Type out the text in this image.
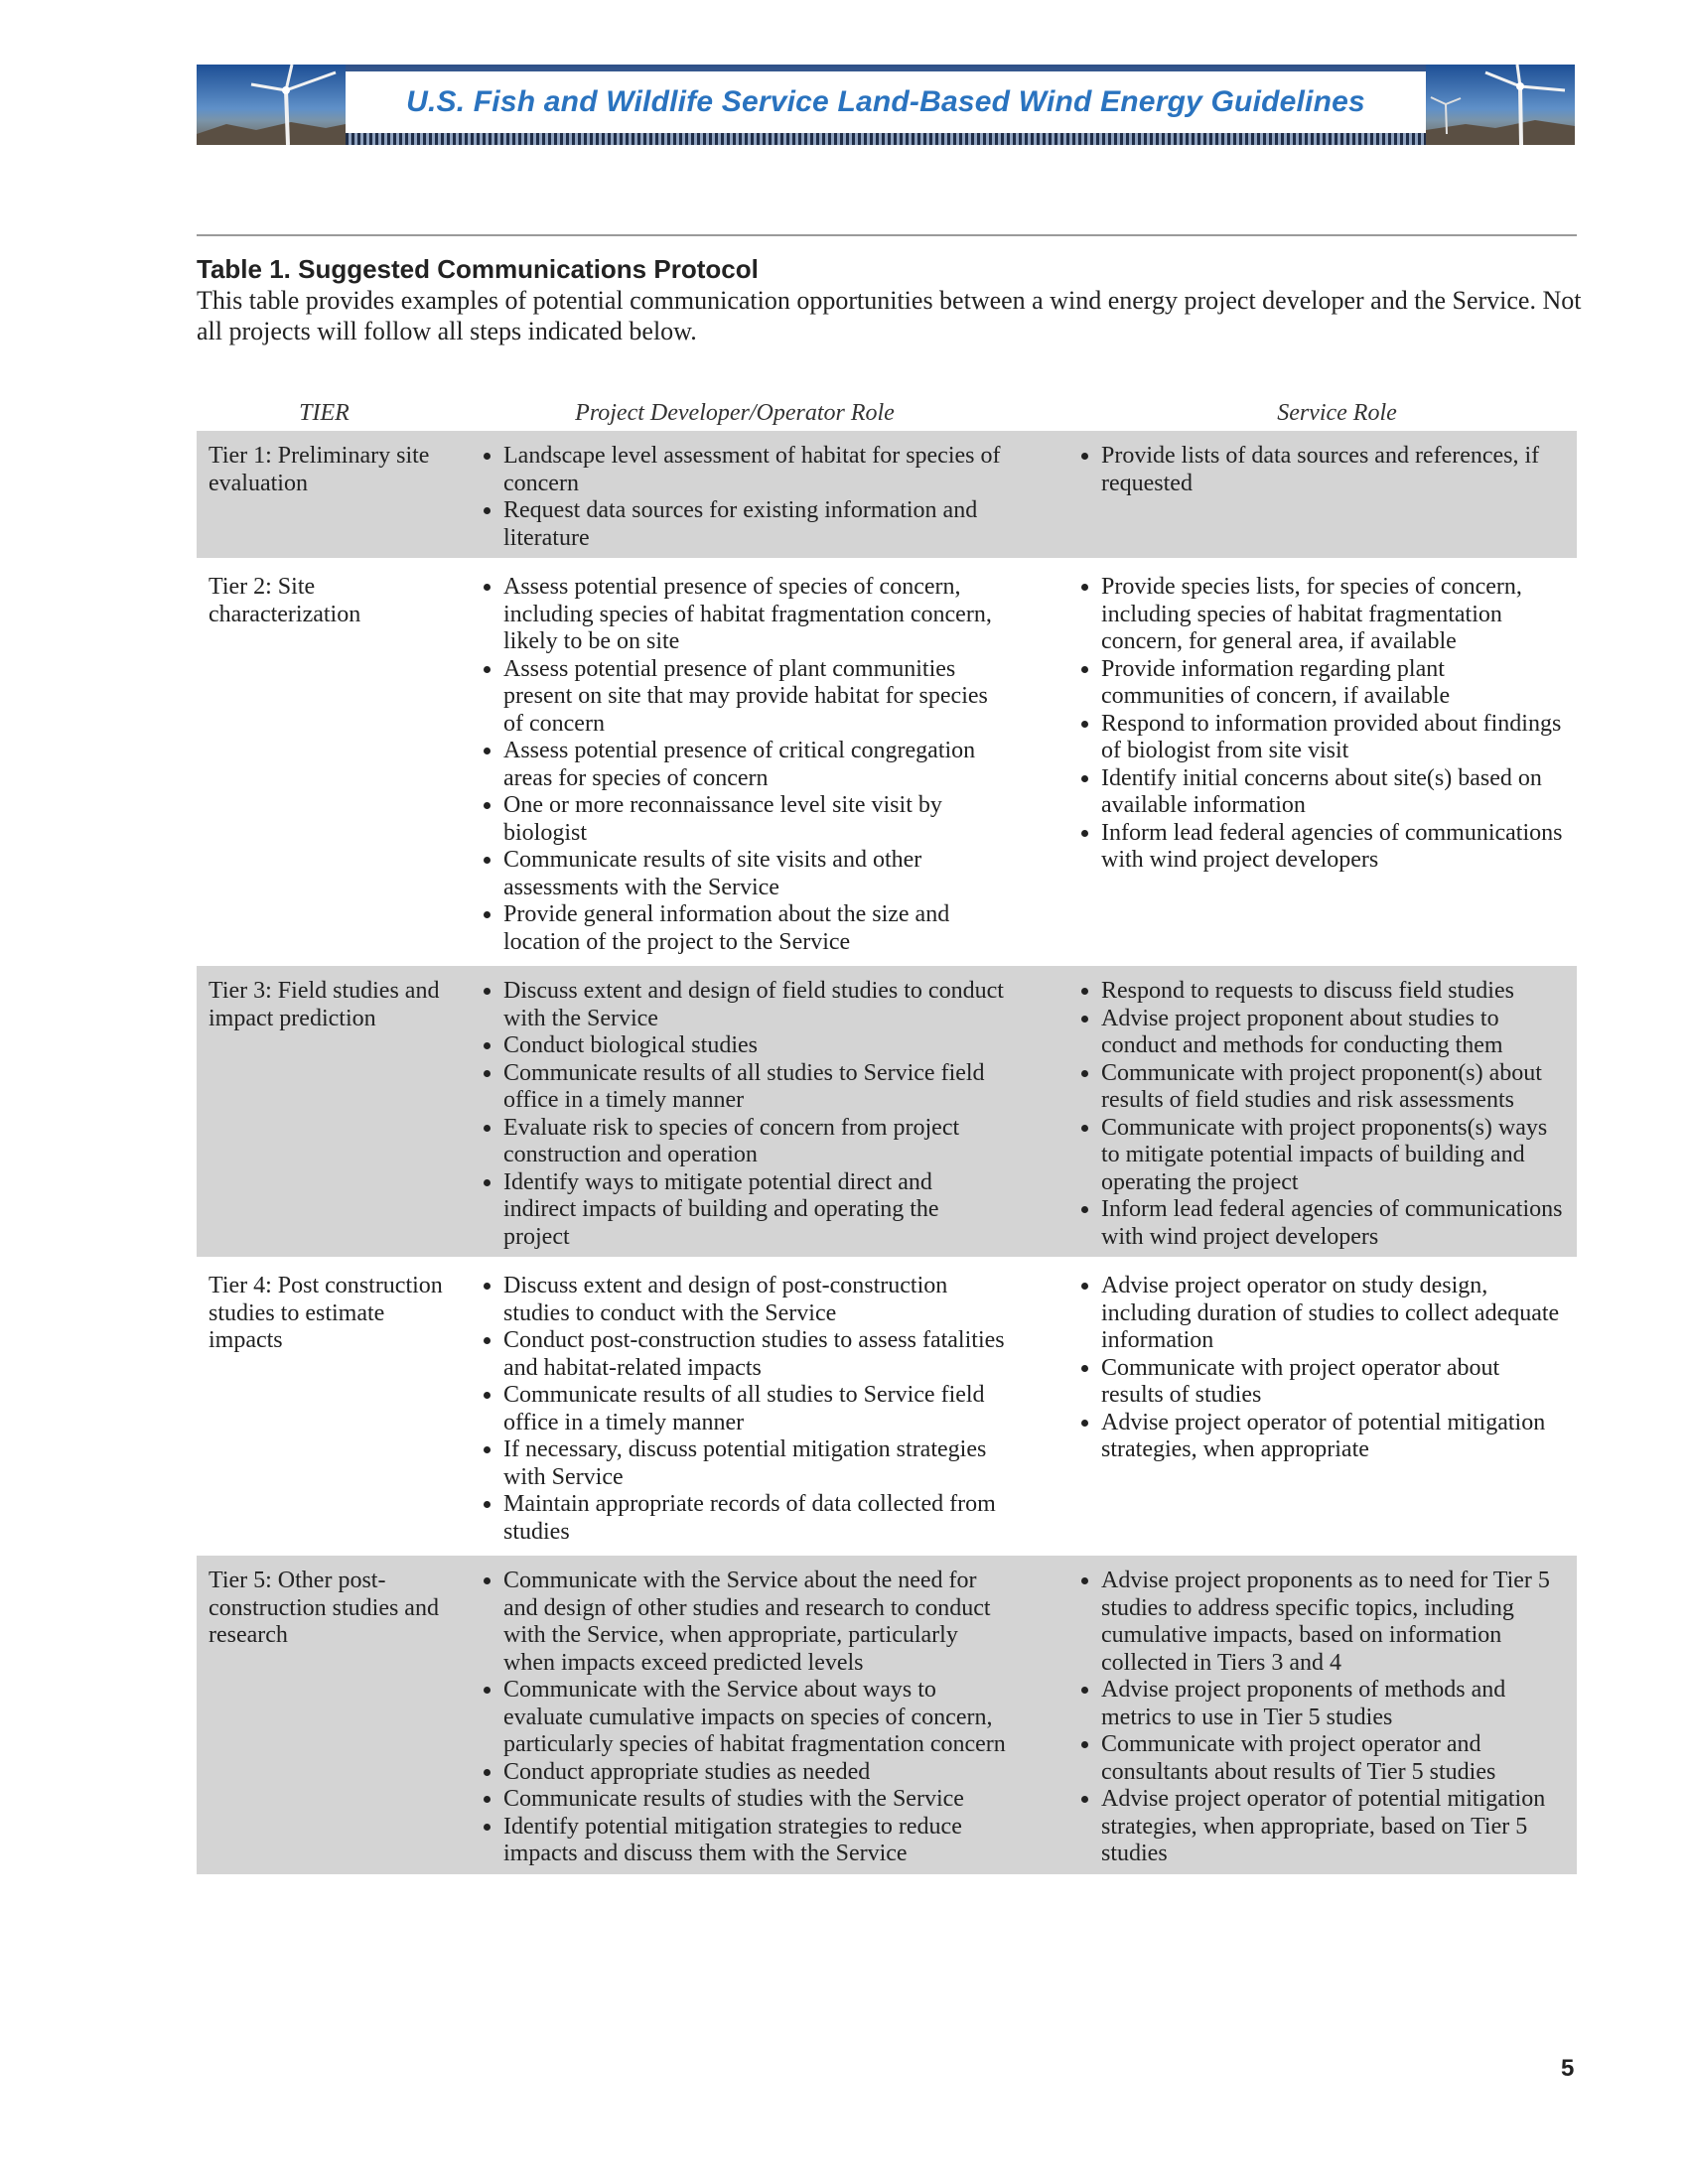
U.S. Fish and Wildlife Service Land-Based Wind Energy Guidelines
Table 1. Suggested Communications Protocol
This table provides examples of potential communication opportunities between a wind energy project developer and the Service. Not all projects will follow all steps indicated below.
TIER	Project Developer/Operator Role	Service Role
Tier 1: Preliminary site evaluation
• Landscape level assessment of habitat for species of concern
• Request data sources for existing information and literature
• Provide lists of data sources and references, if requested
Tier 2: Site characterization
• Assess potential presence of species of concern, including species of habitat fragmentation concern, likely to be on site
• Assess potential presence of plant communities present on site that may provide habitat for species of concern
• Assess potential presence of critical congregation areas for species of concern
• One or more reconnaissance level site visit by biologist
• Communicate results of site visits and other assessments with the Service
• Provide general information about the size and location of the project to the Service
• Provide species lists, for species of concern, including species of habitat fragmentation concern, for general area, if available
• Provide information regarding plant communities of concern, if available
• Respond to information provided about findings of biologist from site visit
• Identify initial concerns about site(s) based on available information
• Inform lead federal agencies of communications with wind project developers
Tier 3: Field studies and impact prediction
• Discuss extent and design of field studies to conduct with the Service
• Conduct biological studies
• Communicate results of all studies to Service field office in a timely manner
• Evaluate risk to species of concern from project construction and operation
• Identify ways to mitigate potential direct and indirect impacts of building and operating the project
• Respond to requests to discuss field studies
• Advise project proponent about studies to conduct and methods for conducting them
• Communicate with project proponent(s) about results of field studies and risk assessments
• Communicate with project proponents(s) ways to mitigate potential impacts of building and operating the project
• Inform lead federal agencies of communications with wind project developers
Tier 4: Post construction studies to estimate impacts
• Discuss extent and design of post-construction studies to conduct with the Service
• Conduct post-construction studies to assess fatalities and habitat-related impacts
• Communicate results of all studies to Service field office in a timely manner
• If necessary, discuss potential mitigation strategies with Service
• Maintain appropriate records of data collected from studies
• Advise project operator on study design, including duration of studies to collect adequate information
• Communicate with project operator about results of studies
• Advise project operator of potential mitigation strategies, when appropriate
Tier 5: Other post-construction studies and research
• Communicate with the Service about the need for and design of other studies and research to conduct with the Service, when appropriate, particularly when impacts exceed predicted levels
• Communicate with the Service about ways to evaluate cumulative impacts on species of concern, particularly species of habitat fragmentation concern
• Conduct appropriate studies as needed
• Communicate results of studies with the Service
• Identify potential mitigation strategies to reduce impacts and discuss them with the Service
• Advise project proponents as to need for Tier 5 studies to address specific topics, including cumulative impacts, based on information collected in Tiers 3 and 4
• Advise project proponents of methods and metrics to use in Tier 5 studies
• Communicate with project operator and consultants about results of Tier 5 studies
• Advise project operator of potential mitigation strategies, when appropriate, based on Tier 5 studies
5
